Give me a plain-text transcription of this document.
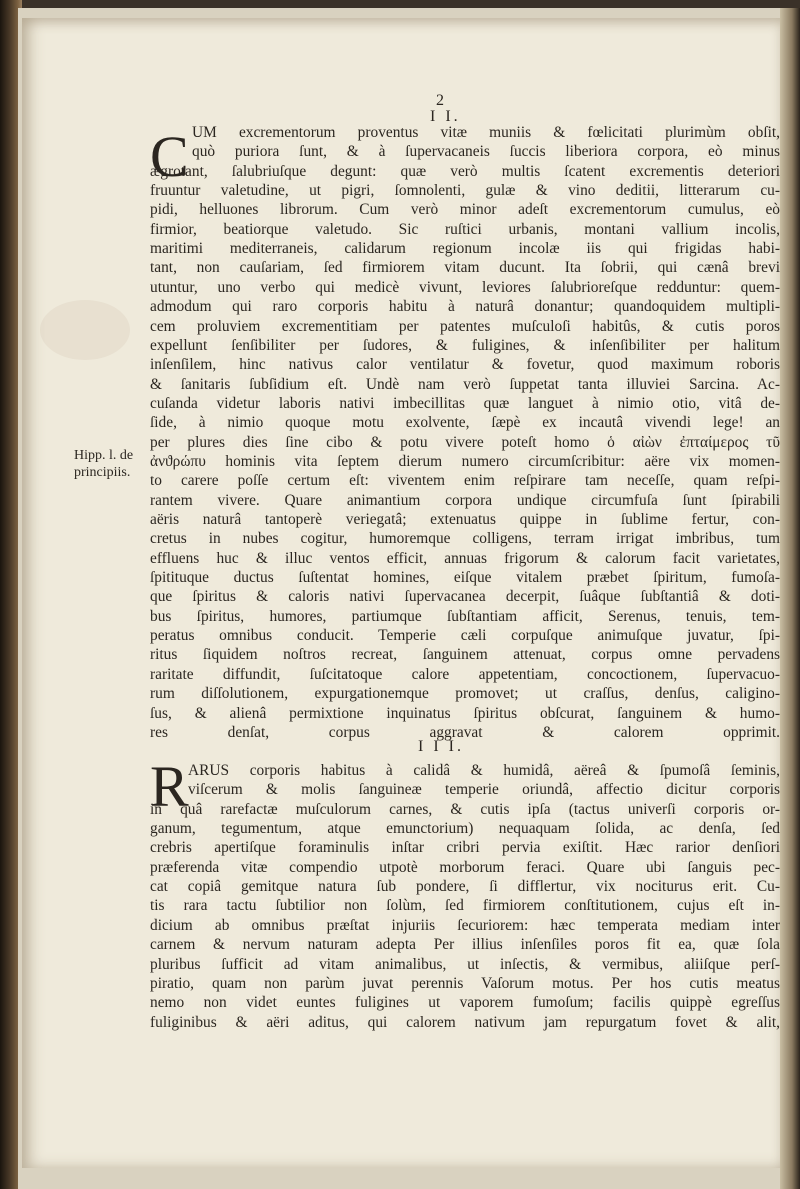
2
I I.
C UM excrementorum proventus vitæ muniis & fœlicitati plurimùm obſit,
quò puriora ſunt, & à ſupervacaneis ſuccis liberiora corpora, eò minus
ægrotant, ſalubriuſque degunt: quæ verò multis ſcatent excrementis deteriori
fruuntur valetudine, ut pigri, ſomnolenti, gulæ & vino deditii, litterarum cu-
pidi, helluones librorum. Cum verò minor adeſt excrementorum cumulus, eò
firmior, beatiorque valetudo. Sic ruſtici urbanis, montani vallium incolis,
maritimi mediterraneis, calidarum regionum incolæ iis qui frigidas habi-
tant, non cauſariam, ſed firmiorem vitam ducunt. Ita ſobrii, qui cænâ brevi
utuntur, uno verbo qui medicè vivunt, leviores ſalubrioreſque redduntur: quem-
admodum qui raro corporis habitu à naturâ donantur; quandoquidem multipli-
cem proluviem excrementitiam per patentes muſculoſi habitûs, & cutis poros
expellunt ſenſibiliter per ſudores, & fuligines, & inſenſibiliter per halitum
inſenſilem, hinc nativus calor ventilatur & fovetur, quod maximum roboris
& ſanitaris ſubſidium eſt. Undè nam verò ſuppetat tanta illuviei Sarcina. Ac-
cuſanda videtur laboris nativi imbecillitas quæ languet à nimio otio, vitâ de-
ſide, à nimio quoque motu exolvente, ſæpè ex incautâ vivendi lege! an
per plures dies ſine cibo & potu vivere poteſt homo ὁ αἰὼν ἐπταίμερος τῦ
ἀνϑρώπυ hominis vita ſeptem dierum numero circumſcribitur: aëre vix momen-
to carere poſſe certum eſt: viventem enim reſpirare tam neceſſe, quam reſpi-
rantem vivere. Quare animantium corpora undique circumfuſa ſunt ſpirabili
aëris naturâ tantoperè veriegatâ; extenuatus quippe in ſublime fertur, con-
cretus in nubes cogitur, humoremque colligens, terram irrigat imbribus, tum
effluens huc & illuc ventos efficit, annuas frigorum & calorum facit varietates,
ſpitituque ductus ſuſtentat homines, eiſque vitalem præbet ſpiritum, fumoſa-
que ſpiritus & caloris nativi ſupervacanea decerpit, ſuâque ſubſtantiâ & doti-
bus ſpiritus, humores, partiumque ſubſtantiam afficit, Serenus, tenuis, tem-
peratus omnibus conducit. Temperie cæli corpuſque animuſque juvatur, ſpi-
ritus ſiquidem noſtros recreat, ſanguinem attenuat, corpus omne pervadens
raritate diffundit, ſuſcitatoque calore appetentiam, concoctionem, ſupervacuo-
rum diſſolutionem, expurgationemque promovet; ut craſſus, denſus, caligino-
ſus, & alienâ permixtione inquinatus ſpiritus obſcurat, ſanguinem & humo-
res denſat, corpus aggravat & calorem opprimit.
Hipp. l. de
principiis.
I I I.
R ARUS corporis habitus à calidâ & humidâ, aëreâ & ſpumoſâ ſeminis,
viſcerum & molis ſanguineæ temperie oriundâ, affectio dicitur corporis
in quâ rarefactæ muſculorum carnes, & cutis ipſa (tactus univerſi corporis or-
ganum, tegumentum, atque emunctorium) nequaquam ſolida, ac denſa, ſed
crebris apertiſque foraminulis inſtar cribri pervia exiſtit. Hæc rarior denſiori
præferenda vitæ compendio utpotè morborum feraci. Quare ubi ſanguis pec-
cat copiâ gemitque natura ſub pondere, ſi difflertur, vix nociturus erit. Cu-
tis rara tactu ſubtilior non ſolùm, ſed firmiorem conſtitutionem, cujus eſt in-
dicium ab omnibus præſtat injuriis ſecuriorem: hæc temperata mediam inter
carnem & nervum naturam adepta Per illius inſenſiles poros fit ea, quæ ſola
pluribus ſufficit ad vitam animalibus, ut inſectis, & vermibus, aliiſque perſ-
piratio, quam non parùm juvat perennis Vaſorum motus. Per hos cutis meatus
nemo non videt euntes fuligines ut vaporem fumoſum; facilis quippè egreſſus
fuliginibus & aëri aditus, qui calorem nativum jam repurgatum fovet & alit,
